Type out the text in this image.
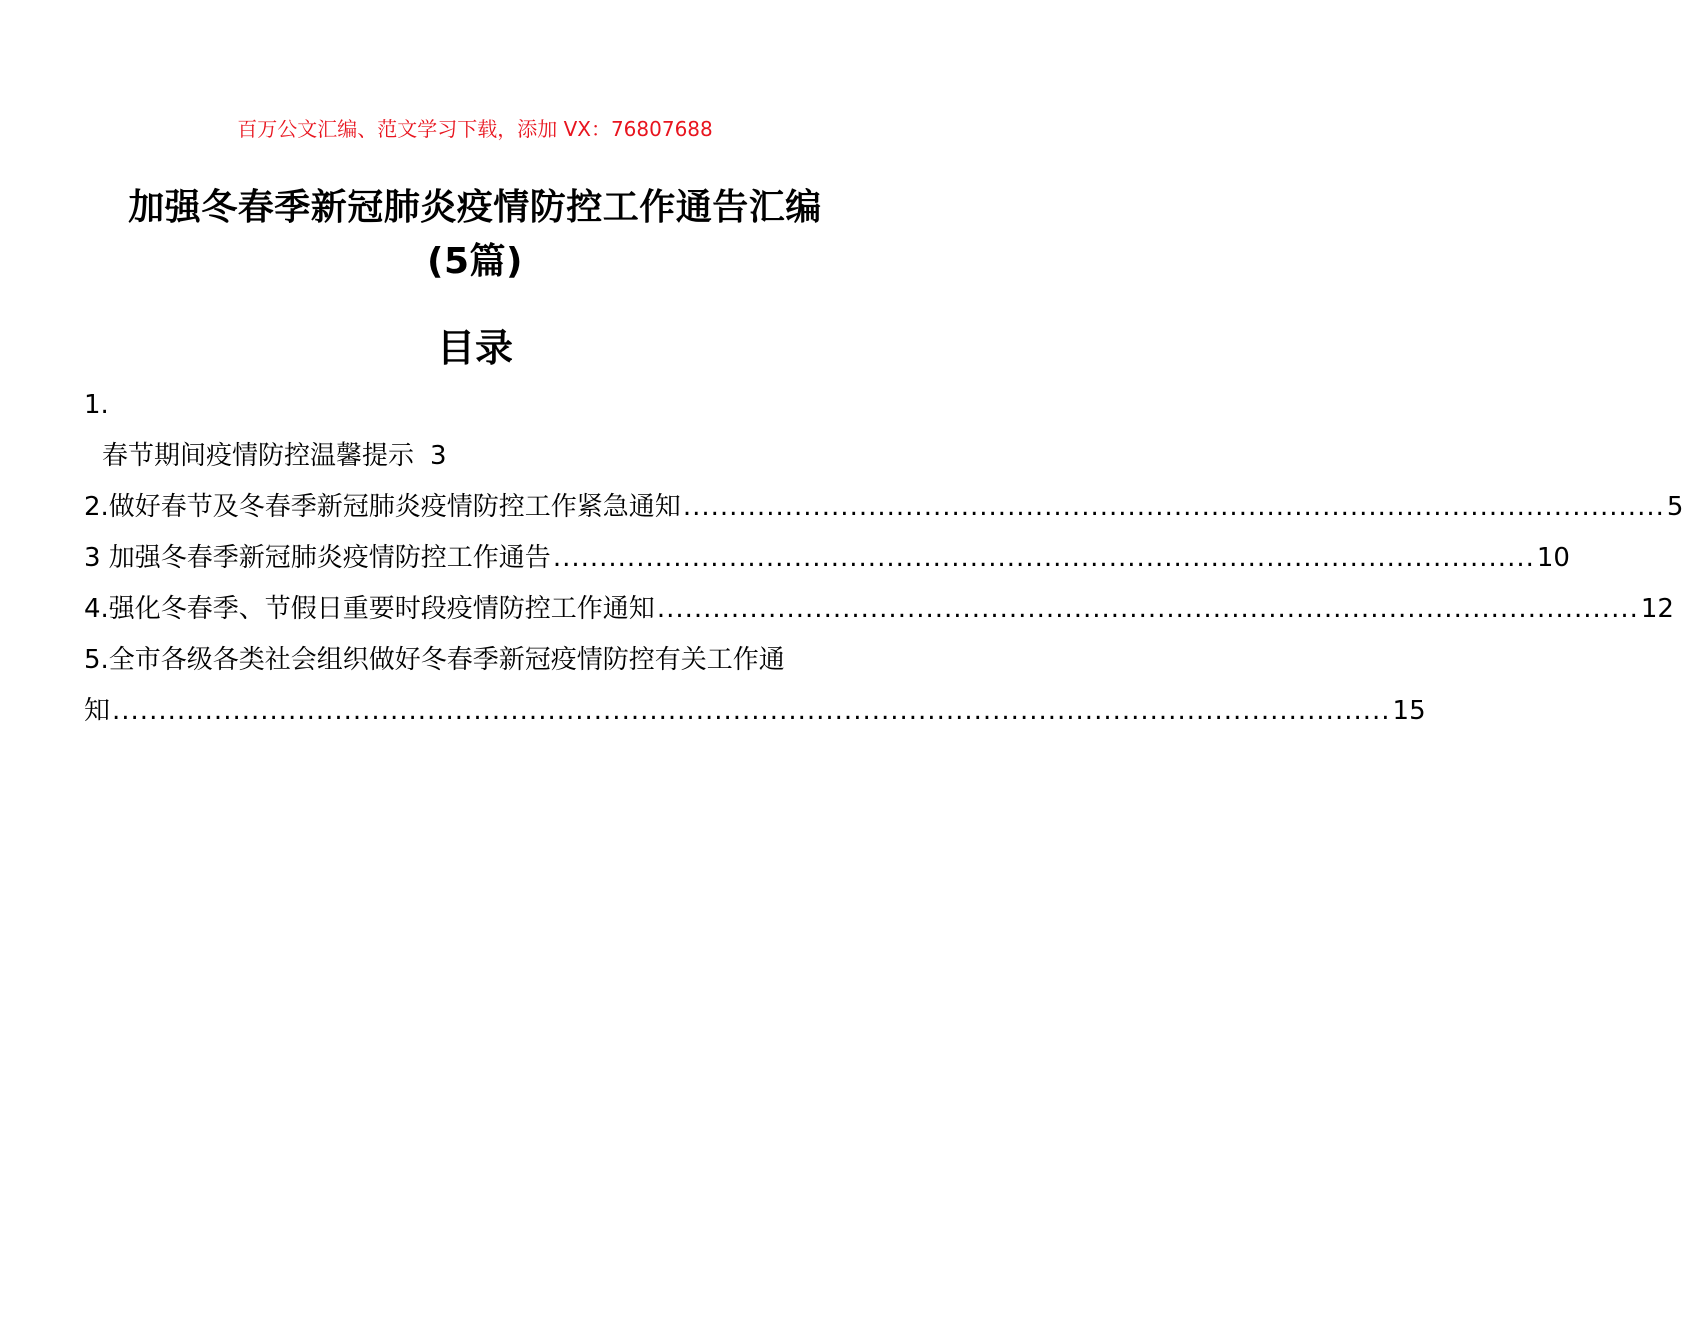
百万公文汇编、范文学习下载，添加 VX：76807688
加强冬春季新冠肺炎疫情防控工作通告汇编
(5篇)
目录
1.
春节期间疫情防控温馨提示 3
2.做好春节及冬春季新冠肺炎疫情防控工作紧急通知 .......................................................................................................... 5
3 加强冬春季新冠肺炎疫情防控工作通告 .......................................................................................................... 10
4.强化冬春季、节假日重要时段疫情防控工作通知 .......................................................................................................... 12
5.全市各级各类社会组织做好冬春季新冠疫情防控有关工作通
知 .......................................................................................................................................... 15
